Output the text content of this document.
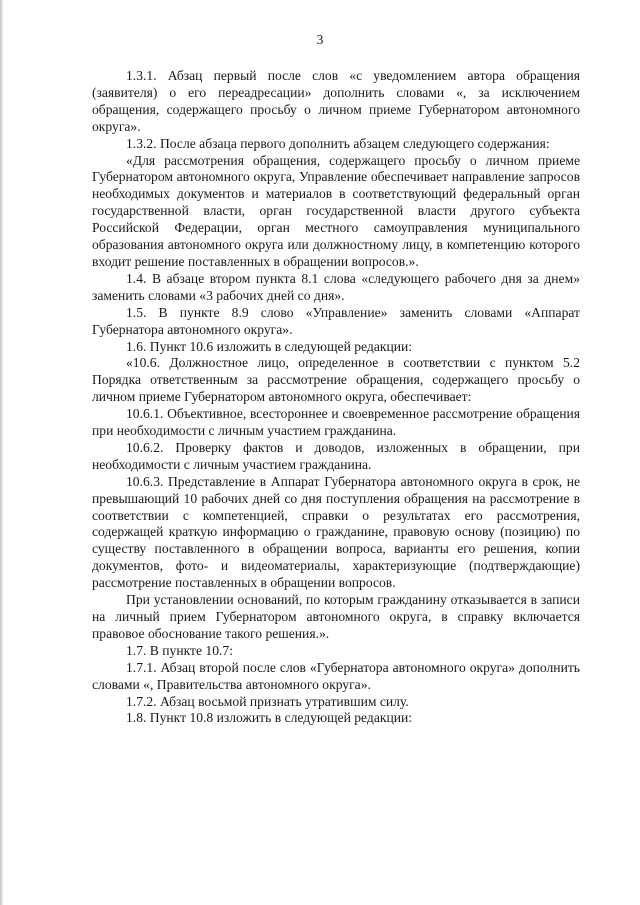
3

1.3.1. Абзац первый после слов «с уведомлением автора обращения (заявителя) о его переадресации» дополнить словами «, за исключением обращения, содержащего просьбу о личном приеме Губернатором автономного округа».

1.3.2. После абзаца первого дополнить абзацем следующего содержания:

«Для рассмотрения обращения, содержащего просьбу о личном приеме Губернатором автономного округа, Управление обеспечивает направление запросов необходимых документов и материалов в соответствующий федеральный орган государственной власти, орган государственной власти другого субъекта Российской Федерации, орган местного самоуправления муниципального образования автономного округа или должностному лицу, в компетенцию которого входит решение поставленных в обращении вопросов.».

1.4. В абзаце втором пункта 8.1 слова «следующего рабочего дня за днем» заменить словами «3 рабочих дней со дня».

1.5. В пункте 8.9 слово «Управление» заменить словами «Аппарат Губернатора автономного округа».

1.6. Пункт 10.6 изложить в следующей редакции:

«10.6. Должностное лицо, определенное в соответствии с пунктом 5.2 Порядка ответственным за рассмотрение обращения, содержащего просьбу о личном приеме Губернатором автономного округа, обеспечивает:

10.6.1. Объективное, всестороннее и своевременное рассмотрение обращения при необходимости с личным участием гражданина.

10.6.2. Проверку фактов и доводов, изложенных в обращении, при необходимости с личным участием гражданина.

10.6.3. Представление в Аппарат Губернатора автономного округа в срок, не превышающий 10 рабочих дней со дня поступления обращения на рассмотрение в соответствии с компетенцией, справки о результатах его рассмотрения, содержащей краткую информацию о гражданине, правовую основу (позицию) по существу поставленного в обращении вопроса, варианты его решения, копии документов, фото- и видеоматериалы, характеризующие (подтверждающие) рассмотрение поставленных в обращении вопросов.

При установлении оснований, по которым гражданину отказывается в записи на личный прием Губернатором автономного округа, в справку включается правовое обоснование такого решения.».

1.7. В пункте 10.7:

1.7.1. Абзац второй после слов «Губернатора автономного округа» дополнить словами «, Правительства автономного округа».

1.7.2. Абзац восьмой признать утратившим силу.

1.8. Пункт 10.8 изложить в следующей редакции:
